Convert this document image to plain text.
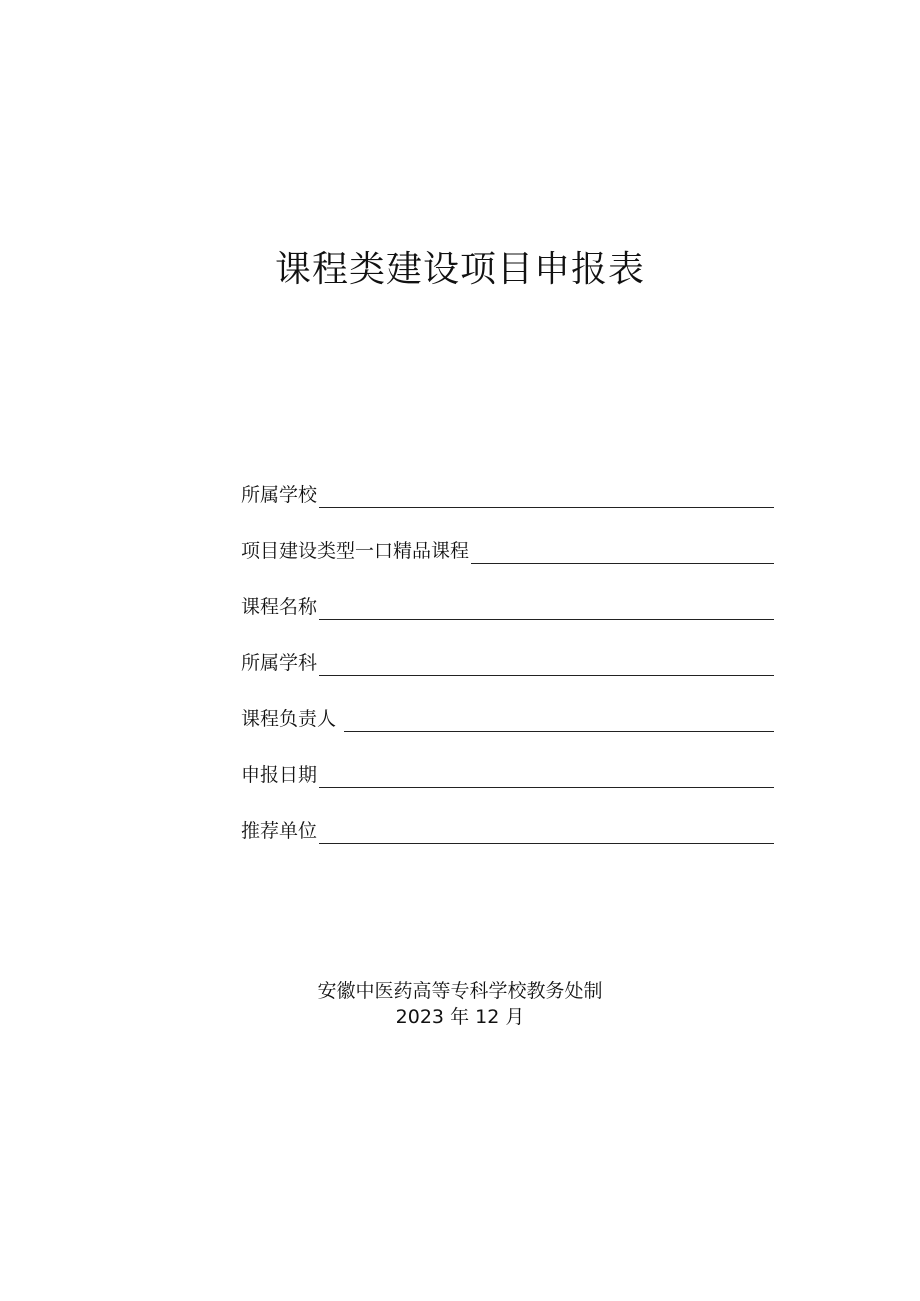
课程类建设项目申报表
所属学校
项目建设类型一口精品课程
课程名称
所属学科
课程负责人
申报日期
推荐单位
安徽中医药高等专科学校教务处制
2023 年 12 月
